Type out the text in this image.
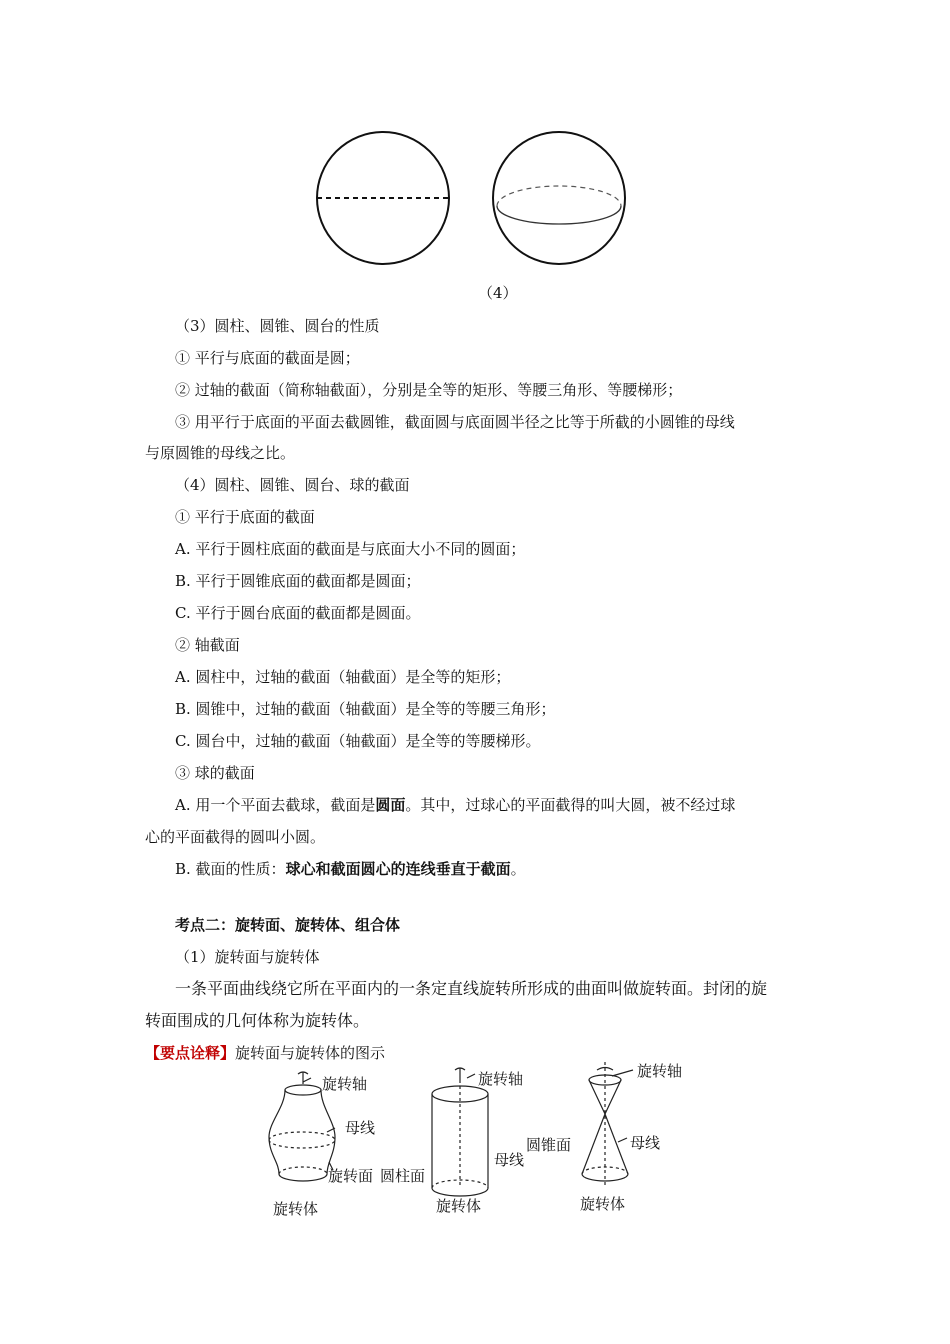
（4）
（3）圆柱、圆锥、圆台的性质
① 平行与底面的截面是圆；
② 过轴的截面（简称轴截面），分别是全等的矩形、等腰三角形、等腰梯形；
③ 用平行于底面的平面去截圆锥，截面圆与底面圆半径之比等于所截的小圆锥的母线
与原圆锥的母线之比。
（4）圆柱、圆锥、圆台、球的截面
① 平行于底面的截面
A. 平行于圆柱底面的截面是与底面大小不同的圆面；
B. 平行于圆锥底面的截面都是圆面；
C. 平行于圆台底面的截面都是圆面。
② 轴截面
A. 圆柱中，过轴的截面（轴截面）是全等的矩形；
B. 圆锥中，过轴的截面（轴截面）是全等的等腰三角形；
C. 圆台中，过轴的截面（轴截面）是全等的等腰梯形。
③ 球的截面
A. 用一个平面去截球，截面是圆面。其中，过球心的平面截得的叫大圆，被不经过球
心的平面截得的圆叫小圆。
B. 截面的性质：球心和截面圆心的连线垂直于截面。
考点二：旋转面、旋转体、组合体
（1）旋转面与旋转体
一条平面曲线绕它所在平面内的一条定直线旋转所形成的曲面叫做旋转面。封闭的旋
转面围成的几何体称为旋转体。
【要点诠释】旋转面与旋转体的图示
旋转轴
母线
旋转面
旋转体
旋转轴
圆柱面
母线
旋转体
旋转轴
圆锥面	母线
旋转体
